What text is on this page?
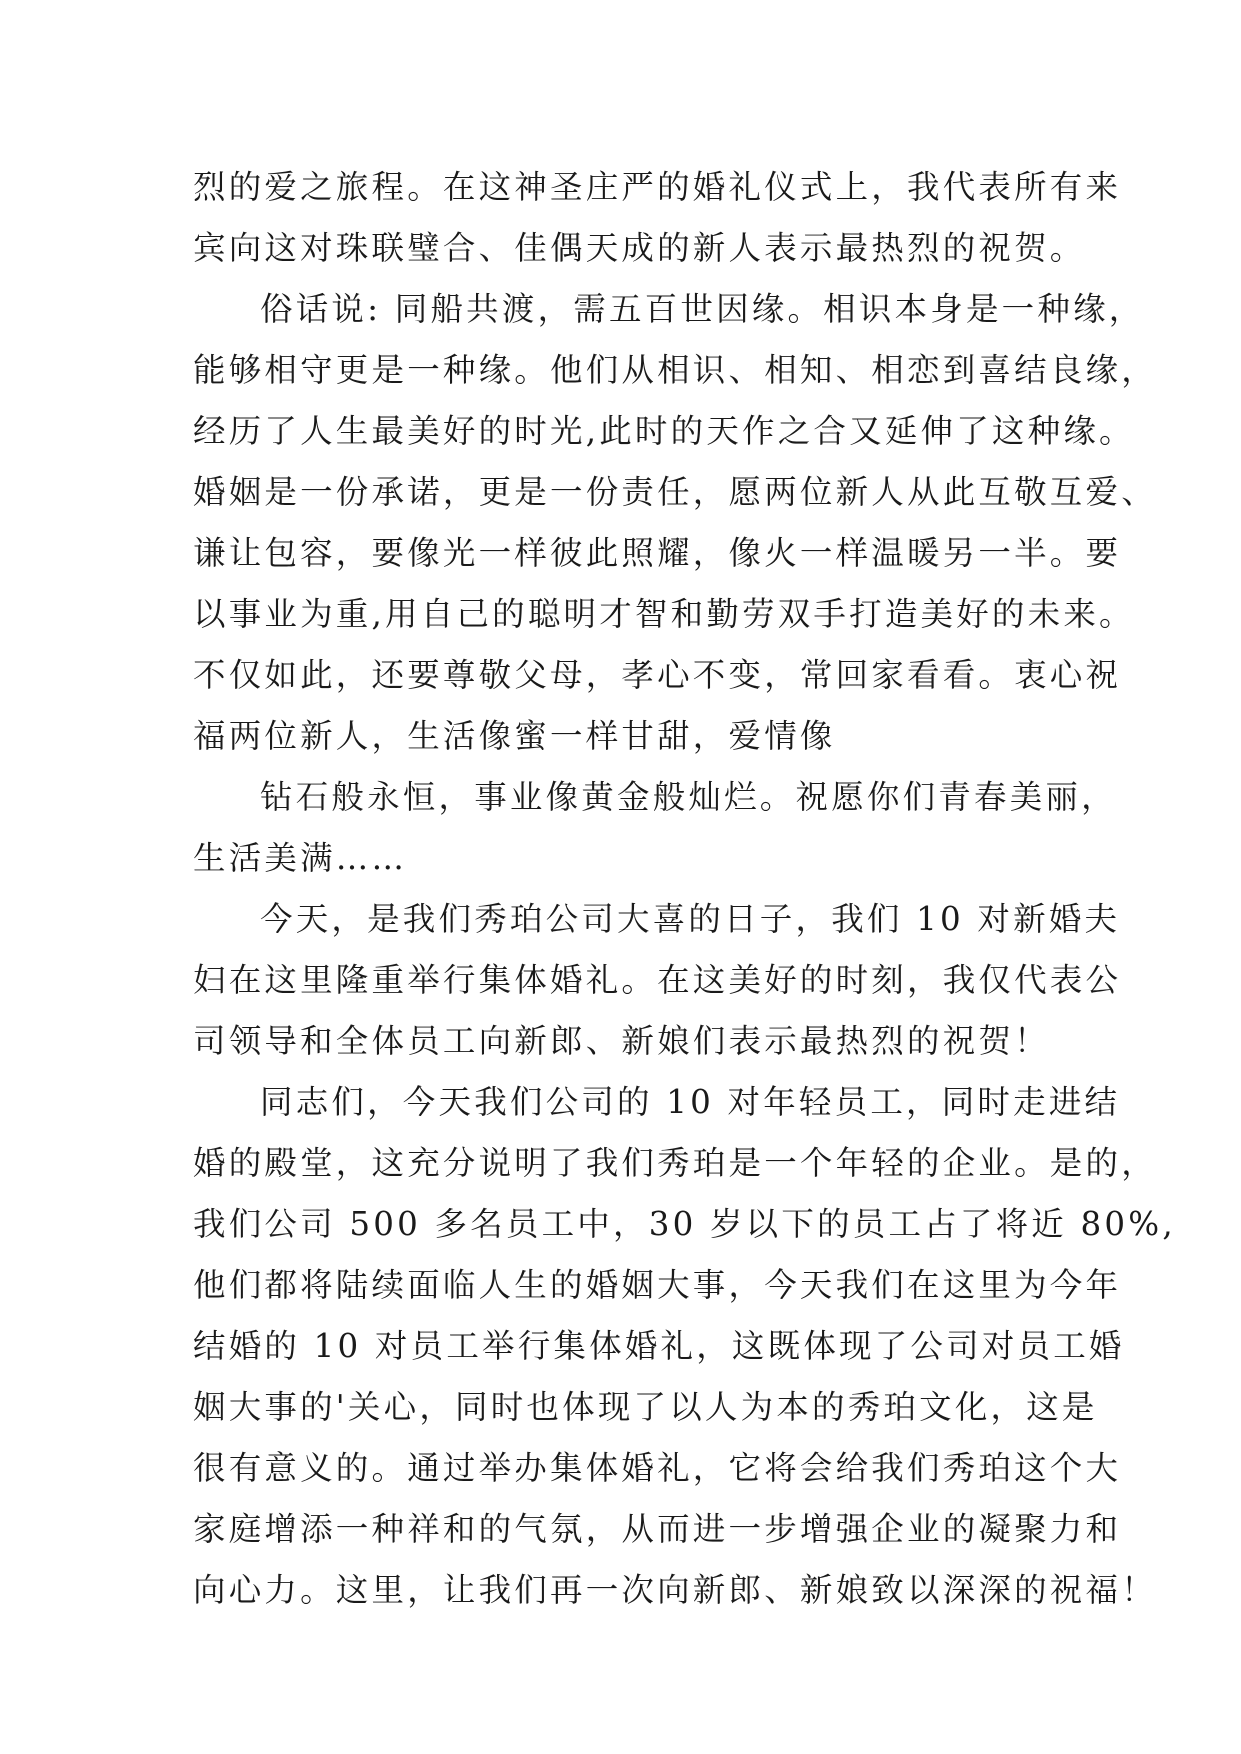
烈的爱之旅程。在这神圣庄严的婚礼仪式上，我代表所有来
宾向这对珠联璧合、佳偶天成的新人表示最热烈的祝贺。
俗话说: 同船共渡，需五百世因缘。相识本身是一种缘，
能够相守更是一种缘。他们从相识、相知、相恋到喜结良缘，
经历了人生最美好的时光,此时的天作之合又延伸了这种缘。
婚姻是一份承诺，更是一份责任，愿两位新人从此互敬互爱、
谦让包容，要像光一样彼此照耀，像火一样温暖另一半。要
以事业为重,用自己的聪明才智和勤劳双手打造美好的未来。
不仅如此，还要尊敬父母，孝心不变，常回家看看。衷心祝
福两位新人，生活像蜜一样甘甜，爱情像
钻石般永恒，事业像黄金般灿烂。祝愿你们青春美丽，
生活美满……
今天，是我们秀珀公司大喜的日子，我们 10 对新婚夫
妇在这里隆重举行集体婚礼。在这美好的时刻，我仅代表公
司领导和全体员工向新郎、新娘们表示最热烈的祝贺！
同志们，今天我们公司的 10 对年轻员工，同时走进结
婚的殿堂，这充分说明了我们秀珀是一个年轻的企业。是的，
我们公司 500 多名员工中，30 岁以下的员工占了将近 80%,
他们都将陆续面临人生的婚姻大事，今天我们在这里为今年
结婚的 10 对员工举行集体婚礼，这既体现了公司对员工婚
姻大事的'关心，同时也体现了以人为本的秀珀文化，这是
很有意义的。通过举办集体婚礼，它将会给我们秀珀这个大
家庭增添一种祥和的气氛，从而进一步增强企业的凝聚力和
向心力。这里，让我们再一次向新郎、新娘致以深深的祝福！
